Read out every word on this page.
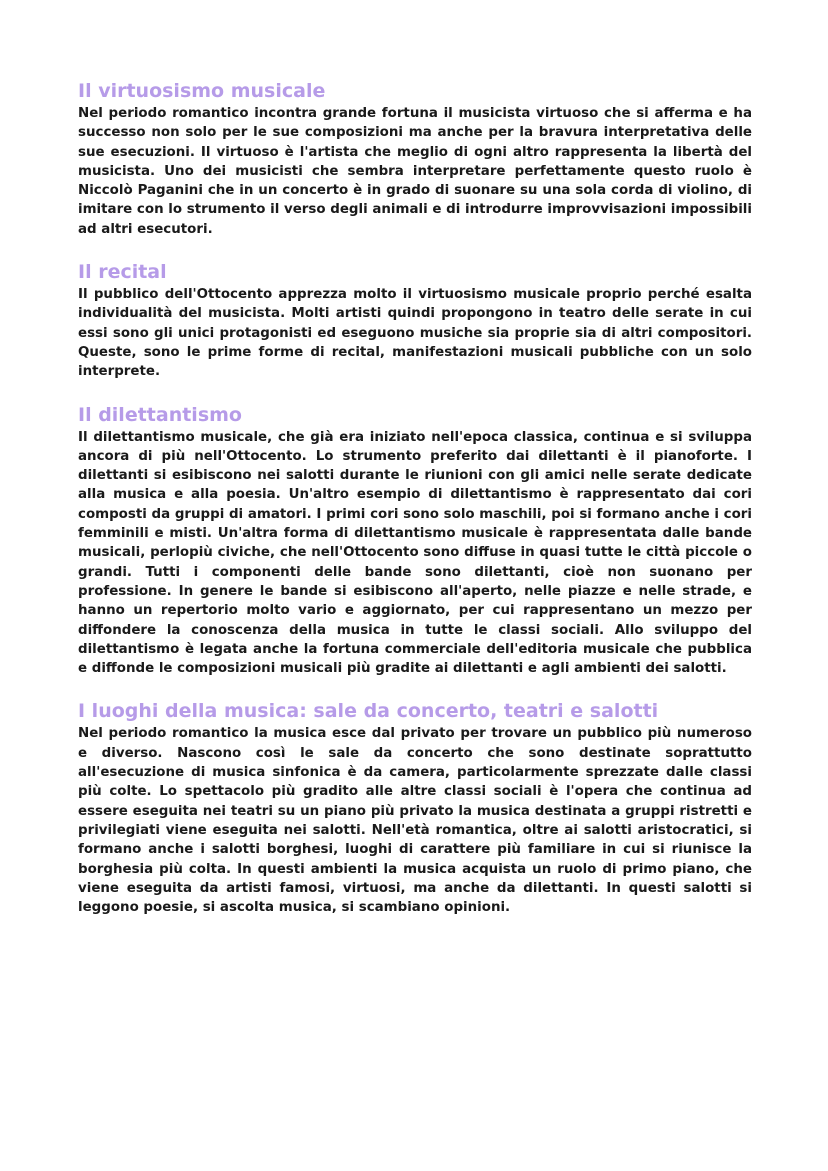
Il virtuosismo musicale

Nel periodo romantico incontra grande fortuna il musicista virtuoso che si afferma e ha successo non solo per le sue composizioni ma anche per la bravura interpretativa delle sue esecuzioni. Il virtuoso è l'artista che meglio di ogni altro rappresenta la libertà del musicista. Uno dei musicisti che sembra interpretare perfettamente questo ruolo è Niccolò Paganini che in un concerto è in grado di suonare su una sola corda di violino, di imitare con lo strumento il verso degli animali e di introdurre improvvisazioni impossibili ad altri esecutori.

Il recital

Il pubblico dell'Ottocento apprezza molto il virtuosismo musicale proprio perché esalta individualità del musicista. Molti artisti quindi propongono in teatro delle serate in cui essi sono gli unici protagonisti ed eseguono musiche sia proprie sia di altri compositori. Queste, sono le prime forme di recital, manifestazioni musicali pubbliche con un solo interprete.

Il dilettantismo

Il dilettantismo musicale, che già era iniziato nell'epoca classica, continua e si sviluppa ancora di più nell'Ottocento. Lo strumento preferito dai dilettanti è il pianoforte. I dilettanti si esibiscono nei salotti durante le riunioni con gli amici nelle serate dedicate alla musica e alla poesia. Un'altro esempio di dilettantismo è rappresentato dai cori composti da gruppi di amatori. I primi cori sono solo maschili, poi si formano anche i cori femminili e misti. Un'altra forma di dilettantismo musicale è rappresentata dalle bande musicali, perlopiù civiche, che nell'Ottocento sono diffuse in quasi tutte le città piccole o grandi. Tutti i componenti delle bande sono dilettanti, cioè non suonano per professione. In genere le bande si esibiscono all'aperto, nelle piazze e nelle strade, e hanno un repertorio molto vario e aggiornato, per cui rappresentano un mezzo per diffondere la conoscenza della musica in tutte le classi sociali. Allo sviluppo del dilettantismo è legata anche la fortuna commerciale dell'editoria musicale che pubblica e diffonde le composizioni musicali più gradite ai dilettanti e agli ambienti dei salotti.

I luoghi della musica: sale da concerto, teatri e salotti

Nel periodo romantico la musica esce dal privato per trovare un pubblico più numeroso e diverso. Nascono così le sale da concerto che sono destinate soprattutto all'esecuzione di musica sinfonica è da camera, particolarmente sprezzate dalle classi più colte. Lo spettacolo più gradito alle altre classi sociali è l'opera che continua ad essere eseguita nei teatri su un piano più privato la musica destinata a gruppi ristretti e privilegiati viene eseguita nei salotti. Nell'età romantica, oltre ai salotti aristocratici, si formano anche i salotti borghesi, luoghi di carattere più familiare in cui si riunisce la borghesia più colta. In questi ambienti la musica acquista un ruolo di primo piano, che viene eseguita da artisti famosi, virtuosi, ma anche da dilettanti. In questi salotti si leggono poesie, si ascolta musica, si scambiano opinioni.
